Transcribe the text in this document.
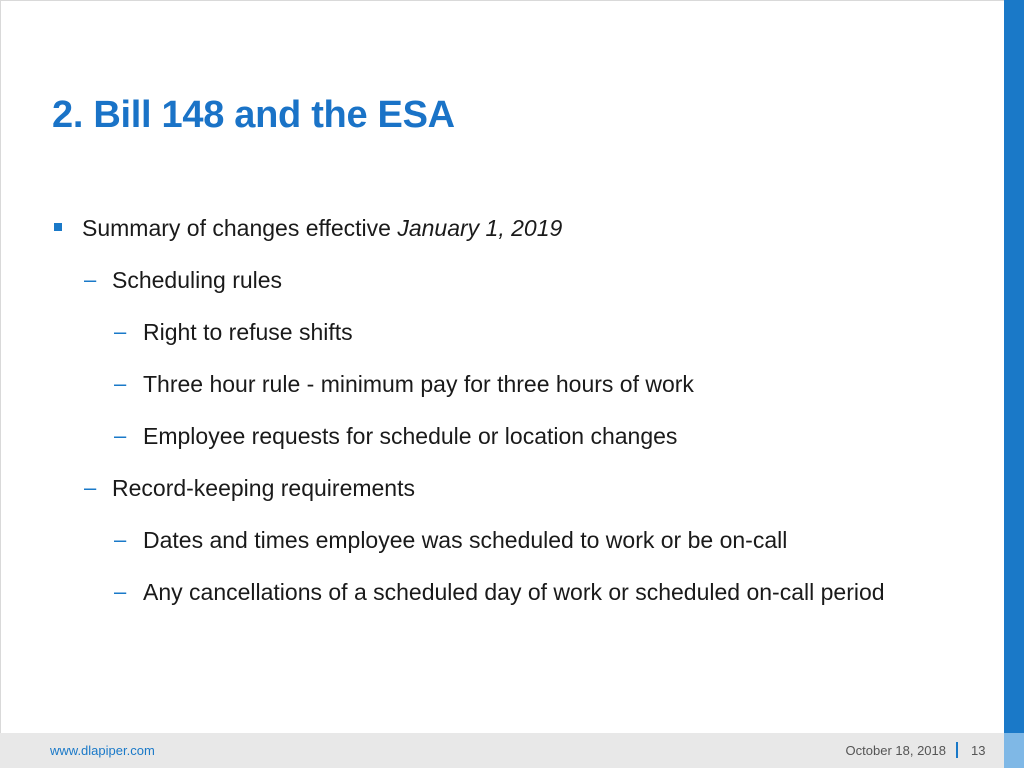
2. Bill 148 and the ESA
Summary of changes effective January 1, 2019
– Scheduling rules
– Right to refuse shifts
– Three hour rule - minimum pay for three hours of work
– Employee requests for schedule or location changes
– Record-keeping requirements
– Dates and times employee was scheduled to work or be on-call
– Any cancellations of a scheduled day of work or scheduled on-call period
www.dlapiper.com	October 18, 2018 13
